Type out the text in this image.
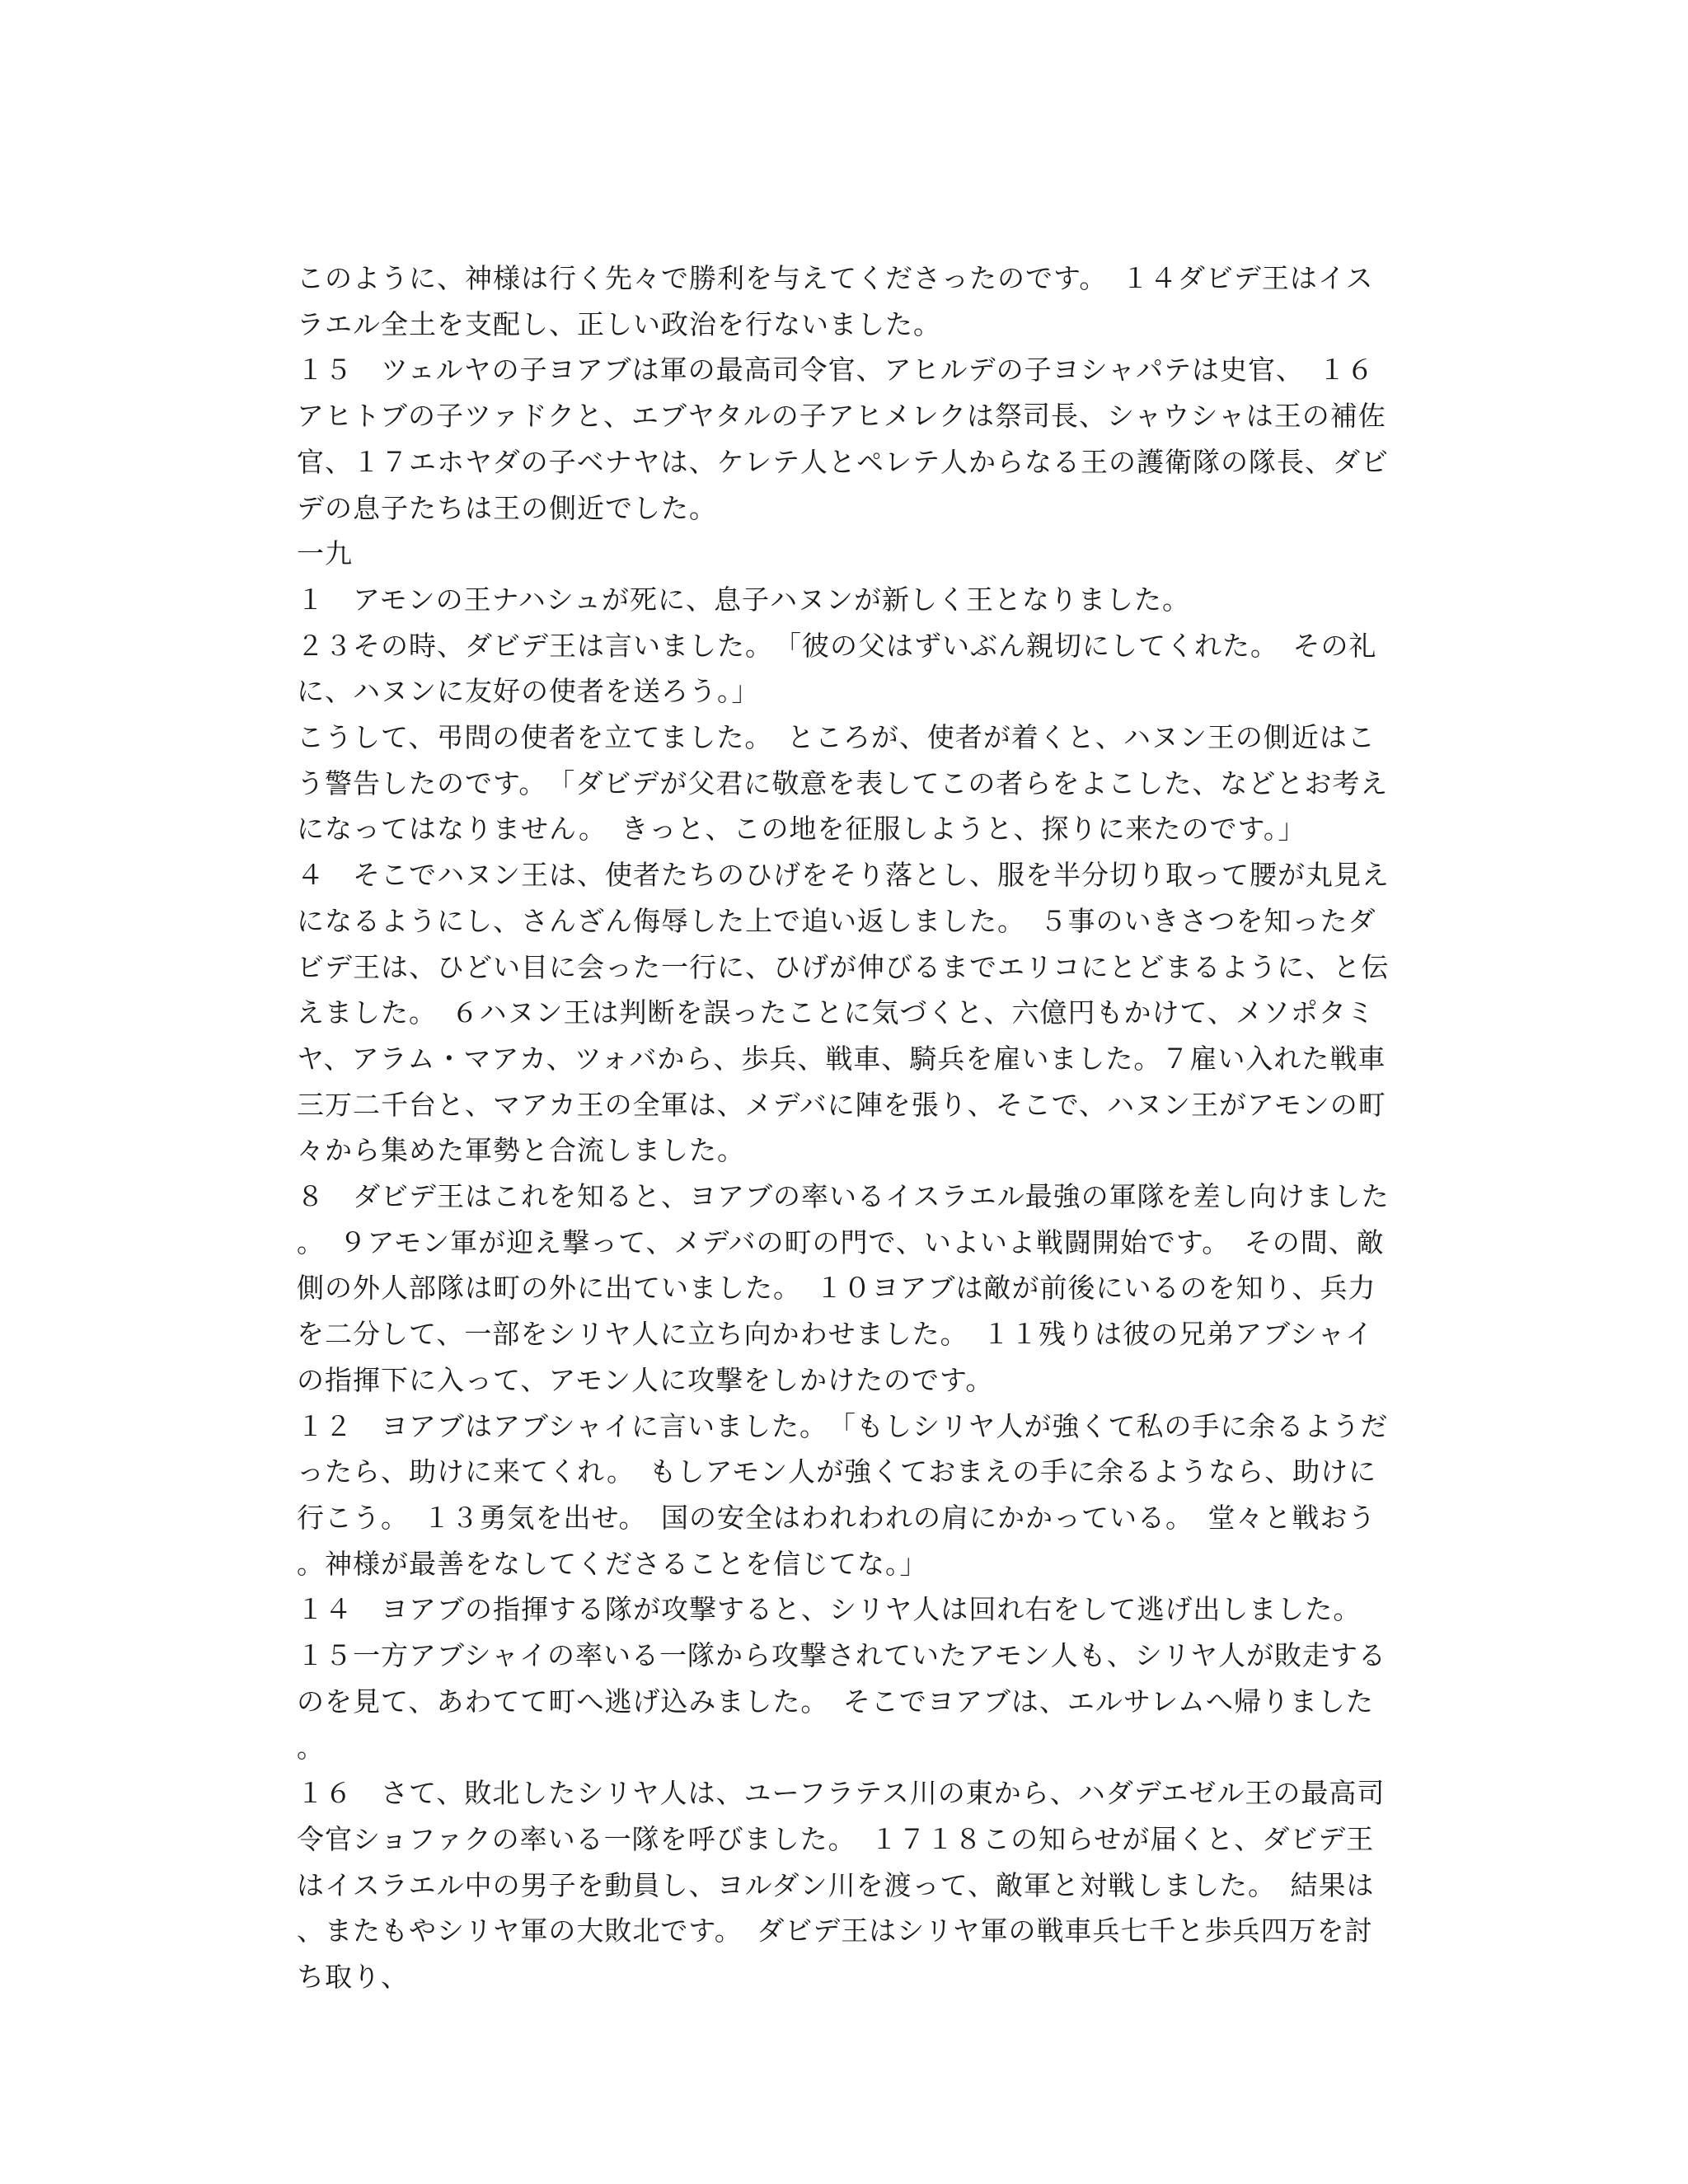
このように、神様は行く先々で勝利を与えてくださったのです。　１４ダビデ王はイスラエル全土を支配し、正しい政治を行ないました。

１５　ツェルヤの子ヨアブは軍の最高司令官、アヒルデの子ヨシャパテは史官、　１６アヒトブの子ツァドクと、エブヤタルの子アヒメレクは祭司長、シャウシャは王の補佐官、１７エホヤダの子ベナヤは、ケレテ人とペレテ人からなる王の護衛隊の隊長、ダビデの息子たちは王の側近でした。

一九

１　アモンの王ナハシュが死に、息子ハヌンが新しく王となりました。

２３その時、ダビデ王は言いました。　「彼の父はずいぶん親切にしてくれた。　その礼に、ハヌンに友好の使者を送ろう。」

こうして、弔問の使者を立てました。　ところが、使者が着くと、ハヌン王の側近はこう警告したのです。　「ダビデが父君に敬意を表してこの者らをよこした、などとお考えになってはなりません。　きっと、この地を征服しようと、探りに来たのです。」

４　そこでハヌン王は、使者たちのひげをそり落とし、服を半分切り取って腰が丸見えになるようにし、さんざん侮辱した上で追い返しました。　５事のいきさつを知ったダビデ王は、ひどい目に会った一行に、ひげが伸びるまでエリコにとどまるように、と伝えました。　６ハヌン王は判断を誤ったことに気づくと、六億円もかけて、メソポタミヤ、アラム・マアカ、ツォバから、歩兵、戦車、騎兵を雇いました。７雇い入れた戦車三万二千台と、マアカ王の全軍は、メデバに陣を張り、そこで、ハヌン王がアモンの町々から集めた軍勢と合流しました。

８　ダビデ王はこれを知ると、ヨアブの率いるイスラエル最強の軍隊を差し向けました。　９アモン軍が迎え撃って、メデバの町の門で、いよいよ戦闘開始です。　その間、敵側の外人部隊は町の外に出ていました。　１０ヨアブは敵が前後にいるのを知り、兵力を二分して、一部をシリヤ人に立ち向かわせました。　１１残りは彼の兄弟アブシャイの指揮下に入って、アモン人に攻撃をしかけたのです。

１２　ヨアブはアブシャイに言いました。　「もしシリヤ人が強くて私の手に余るようだったら、助けに来てくれ。　もしアモン人が強くておまえの手に余るようなら、助けに行こう。　１３勇気を出せ。　国の安全はわれわれの肩にかかっている。　堂々と戦おう。神様が最善をなしてくださることを信じてな。」

１４　ヨアブの指揮する隊が攻撃すると、シリヤ人は回れ右をして逃げ出しました。　１５一方アブシャイの率いる一隊から攻撃されていたアモン人も、シリヤ人が敗走するのを見て、あわてて町へ逃げ込みました。　そこでヨアブは、エルサレムへ帰りました。

１６　さて、敗北したシリヤ人は、ユーフラテス川の東から、ハダデエゼル王の最高司令官ショファクの率いる一隊を呼びました。　１７１８この知らせが届くと、ダビデ王はイスラエル中の男子を動員し、ヨルダン川を渡って、敵軍と対戦しました。　結果は、またもやシリヤ軍の大敗北です。　ダビデ王はシリヤ軍の戦車兵七千と歩兵四万を討ち取り、
